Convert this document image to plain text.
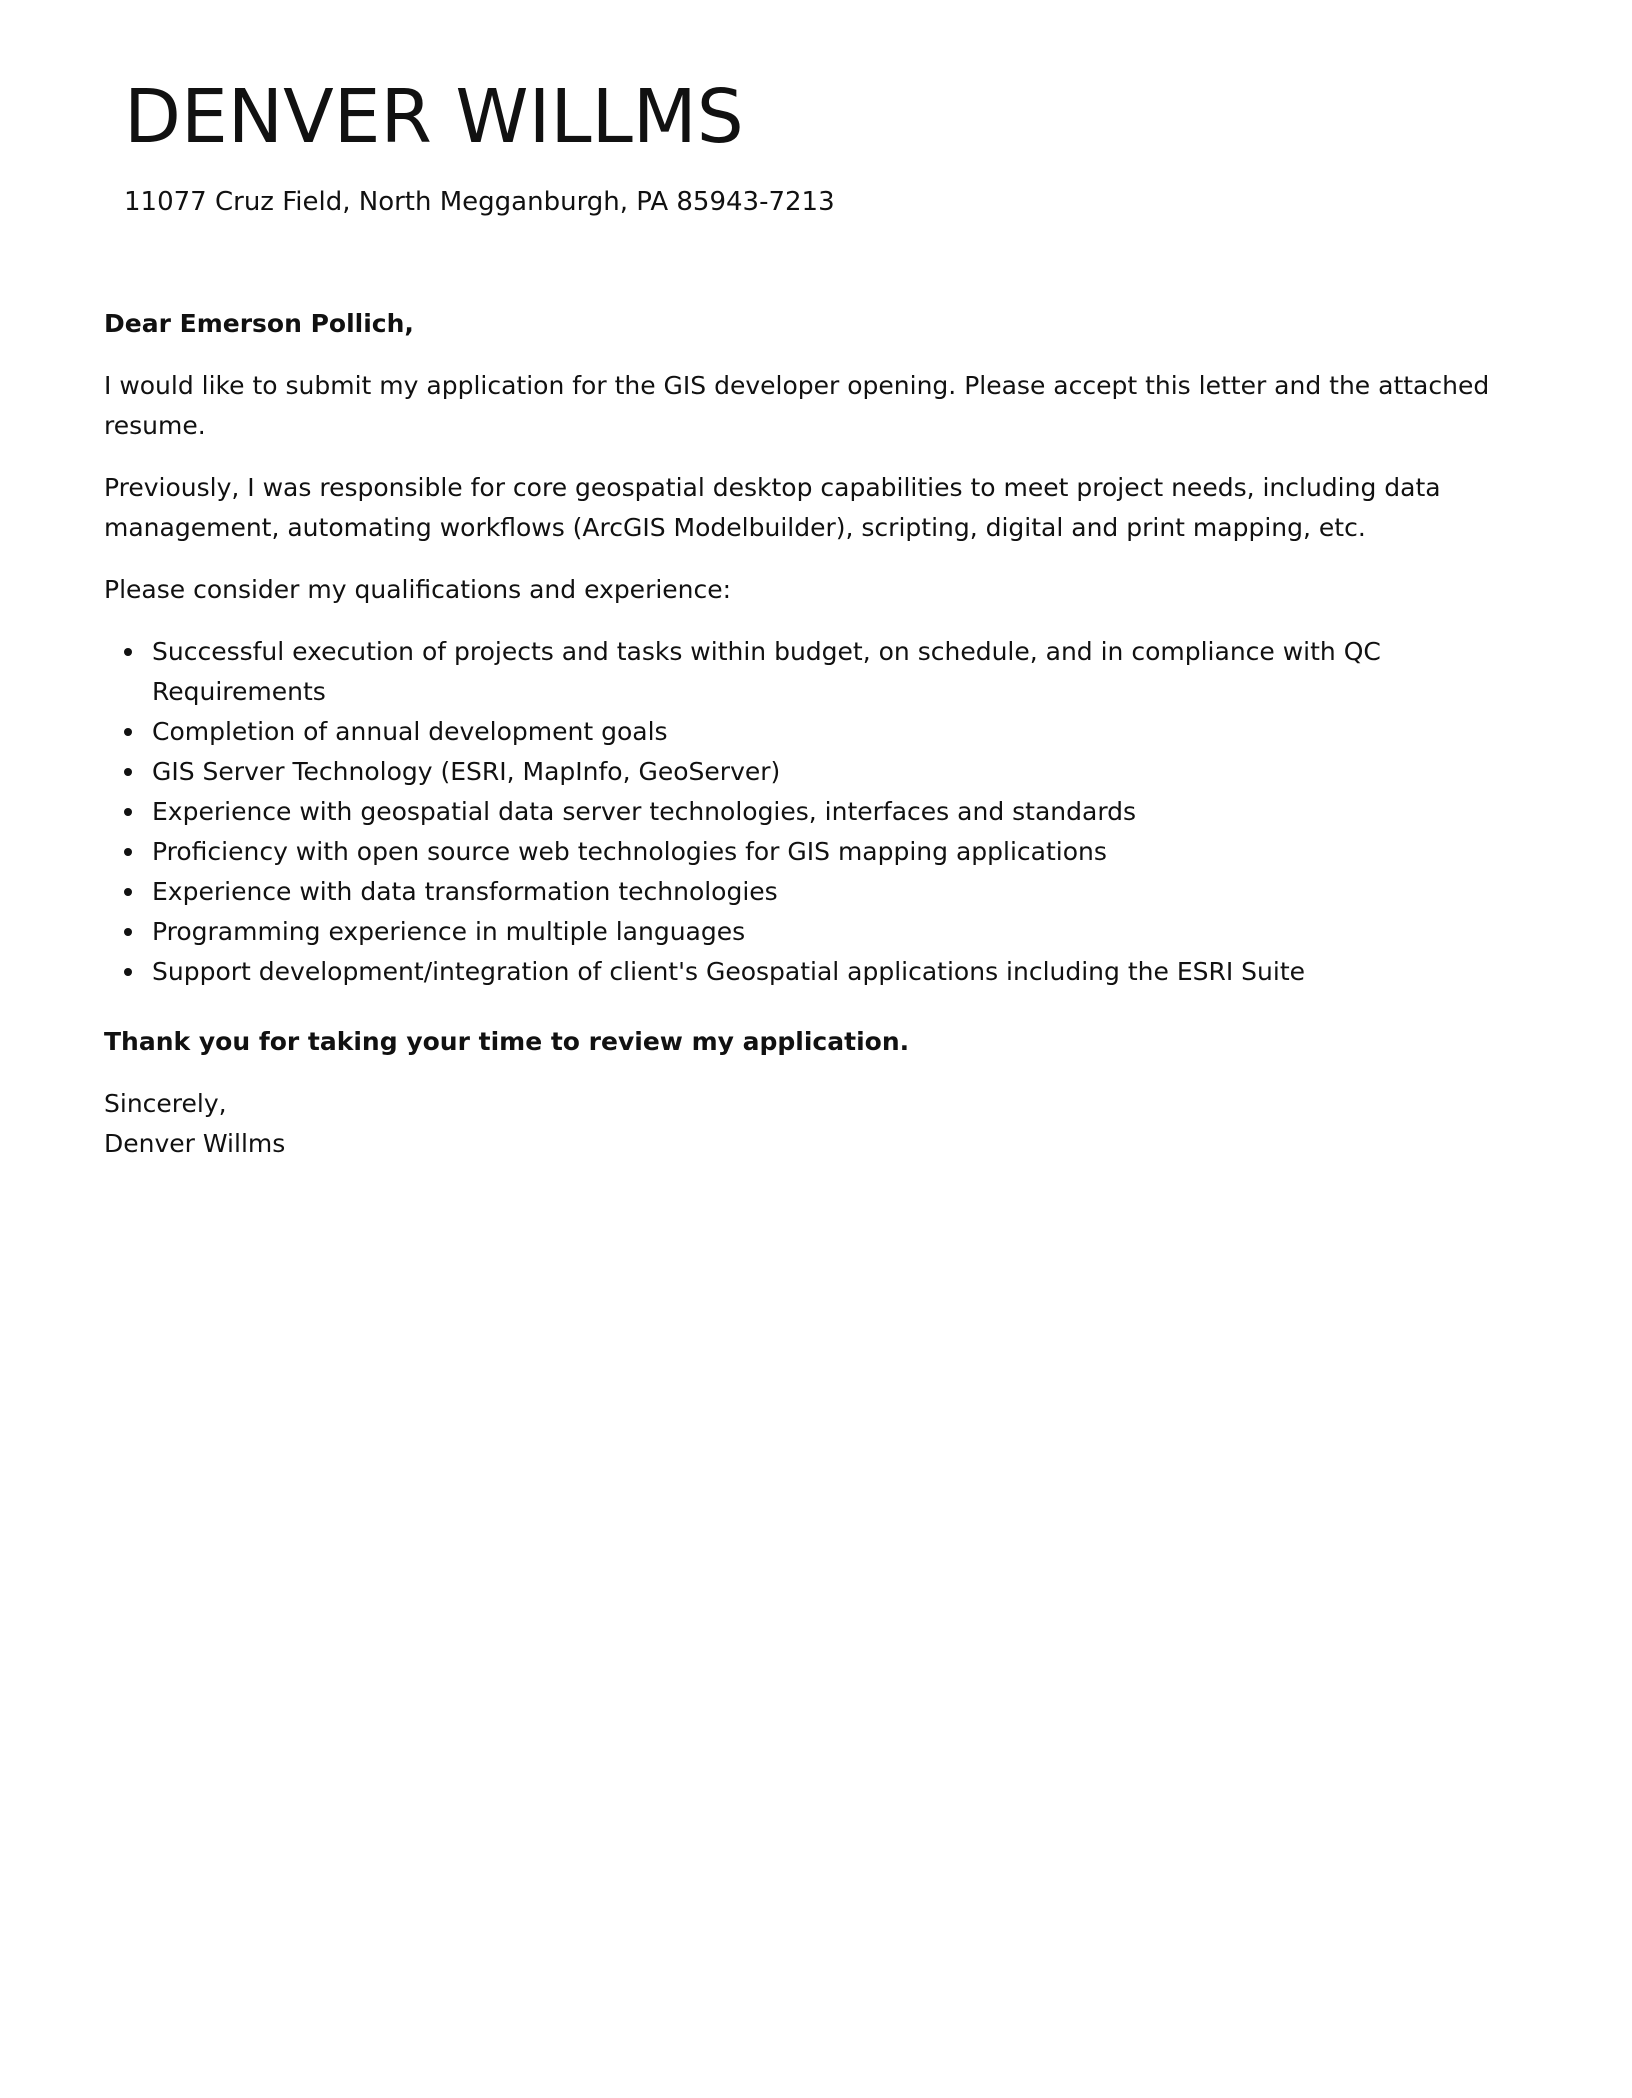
DENVER WILLMS
11077 Cruz Field, North Megganburgh, PA 85943-7213

Dear Emerson Pollich,

I would like to submit my application for the GIS developer opening. Please accept this letter and the attached resume.

Previously, I was responsible for core geospatial desktop capabilities to meet project needs, including data management, automating workflows (ArcGIS Modelbuilder), scripting, digital and print mapping, etc.

Please consider my qualifications and experience:

Successful execution of projects and tasks within budget, on schedule, and in compliance with QC Requirements
Completion of annual development goals
GIS Server Technology (ESRI, MapInfo, GeoServer)
Experience with geospatial data server technologies, interfaces and standards
Proficiency with open source web technologies for GIS mapping applications
Experience with data transformation technologies
Programming experience in multiple languages
Support development/integration of client's Geospatial applications including the ESRI Suite

Thank you for taking your time to review my application.

Sincerely,

Denver Willms
